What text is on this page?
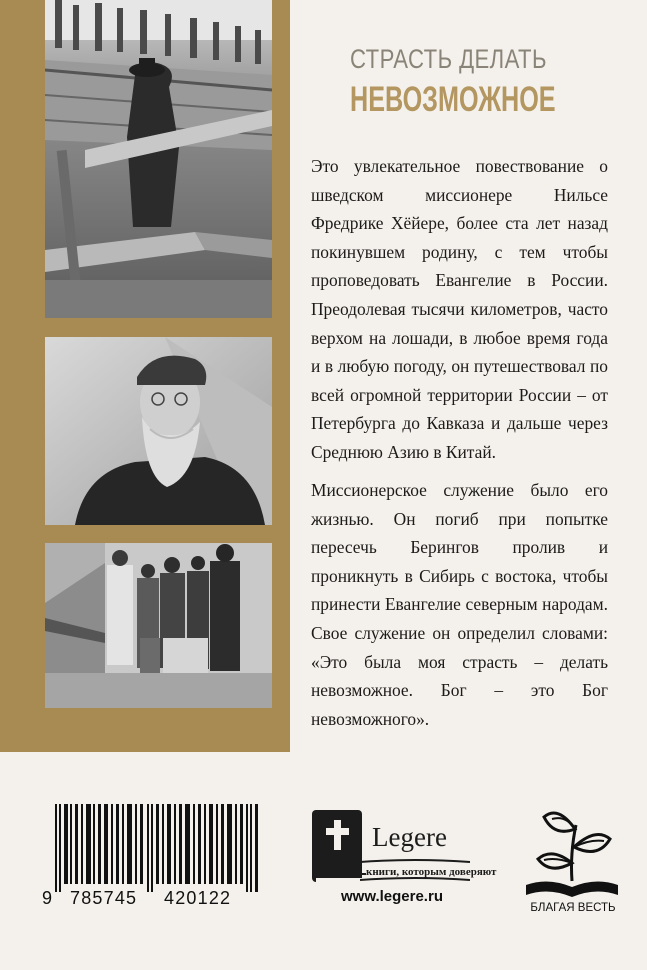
СТРАСТЬ ДЕЛАТЬ
НЕВОЗМОЖНОЕ
Это увлекательное повествование о шведском миссионере Нильсе Фредрике Хёйере, более ста лет назад покинувшем родину, с тем чтобы проповедовать Евангелие в России. Преодолевая тысячи километров, часто верхом на лошади, в любое время года и в любую погоду, он путешествовал по всей огромной территории России – от Петербурга до Кавказа и дальше через Среднюю Азию в Китай.
Миссионерское служение было его жизнью. Он погиб при попытке пересечь Берингов пролив и проникнуть в Сибирь с востока, чтобы принести Евангелие северным народам. Свое служение он определил словами: «Это была моя страсть – делать невозможное. Бог – это Бог невозможного».
9 785745 420122
Legere
книги, которым доверяют
www.legere.ru
БЛАГАЯ ВЕСТЬ
